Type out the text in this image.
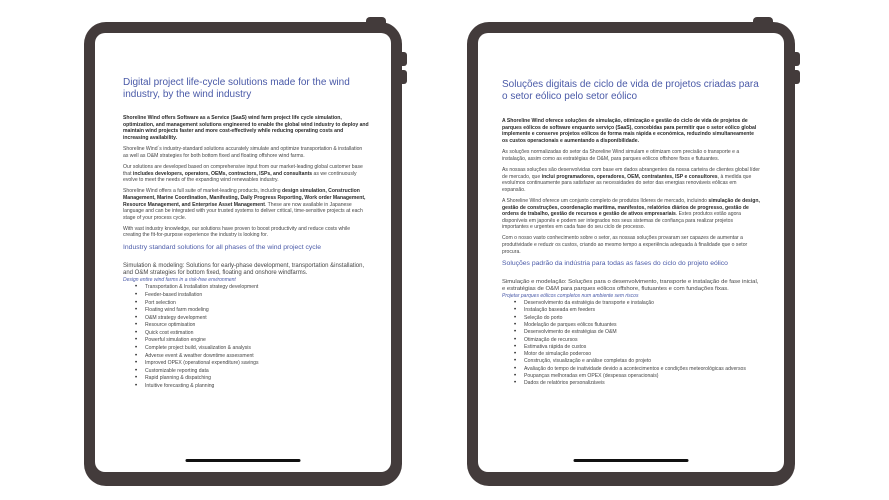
Digital project life-cycle solutions made for the wind industry, by the wind industry

Shoreline Wind offers Software as a Service (SaaS) wind farm project life cycle simulation, optimization, and management solutions engineered to enable the global wind industry to deploy and maintain wind projects faster and more cost-effectively while reducing operating costs and increasing availability.

Shoreline Wind´s industry-standard solutions accurately simulate and optimize transportation & installation as well as O&M strategies for both bottom fixed and floating offshore wind farms.

Our solutions are developed based on comprehensive input from our market-leading global customer base that includes developers, operators, OEMs, contractors, ISPs, and consultants as we continuously evolve to meet the needs of the expanding wind renewables industry.

Shoreline Wind offers a full suite of market-leading products, including design simulation, Construction Management, Marine Coordination, Manifesting, Daily Progress Reporting, Work order Management, Resource Management, and Enterprise Asset Management. These are now available in Japanese language and can be integrated with your trusted systems to deliver critical, time-sensitive projects at each stage of your process cycle.

With vast industry knowledge, our solutions have proven to boost productivity and reduce costs while creating the fit-for-purpose experience the industry is looking for.

Industry standard solutions for all phases of the wind project cycle
Simulation & modeling: Solutions for early-phase development, transportation &installation, and O&M strategies for bottom fixed, floating and onshore windfarms.
Design entire wind farms in a risk-free environment
• Transportation & Installation strategy development
• Feeder-based installation
• Port selection
• Floating wind farm modeling
• O&M strategy development
• Resource optimisation
• Quick cost estimation
• Powerful simulation engine
• Complete project build, visualization & analysis
• Adverse event & weather downtime assessment
• Improved OPEX (operational expenditure) savings
• Customizable reporting data
• Rapid planning & dispatching
• Intuitive forecasting & planning
Soluções digitais de ciclo de vida de projetos criadas para o setor eólico pelo setor eólico

A Shoreline Wind oferece soluções de simulação, otimização e gestão do ciclo de vida de projetos de parques eólicos de software enquanto serviço (SaaS), concebidas para permitir que o setor eólico global implemente e conserve projetos eólicos de forma mais rápida e económica, reduzindo simultaneamente os custos operacionais e aumentando a disponibilidade.

As soluções normalizadas do setor da Shoreline Wind simulam e otimizam com precisão o transporte e a instalação, assim como as estratégias de O&M, para parques eólicos offshore fixos e flutuantes.

As nossas soluções são desenvolvidas com base em dados abrangentes da nossa carteira de clientes global líder de mercado, que inclui programadores, operadores, OEM, contratantes, ISP e consultores, à medida que evoluímos continuamente para satisfazer as necessidades do setor das energias renováveis eólicas em expansão.

A Shoreline Wind oferece um conjunto completo de produtos líderes de mercado, incluindo simulação de design, gestão de construções, coordenação marítima, manifestos, relatórios diários de progresso, gestão de ordens de trabalho, gestão de recursos e gestão de ativos empresariais. Estes produtos estão agora disponíveis em japonês e podem ser integrados nos seus sistemas de confiança para realizar projetos importantes e urgentes em cada fase do seu ciclo de processo.

Com o nosso vasto conhecimento sobre o setor, as nossas soluções provaram ser capazes de aumentar a produtividade e reduzir os custos, criando ao mesmo tempo a experiência adequada à finalidade que o setor procura.

Soluções padrão da indústria para todas as fases do ciclo do projeto eólico
Simulação e modelação: Soluções para o desenvolvimento, transporte e instalação de fase inicial, e estratégias de O&M para parques eólicos offshore, flutuantes e com fundações fixas.
Projetar parques eólicos completos num ambiente sem riscos
• Desenvolvimento da estratégia de transporte e instalação
• Instalação baseada em feeders
• Seleção do porto
• Modelação de parques eólicos flutuantes
• Desenvolvimento de estratégias de O&M
• Otimização de recursos
• Estimativa rápida de custos
• Motor de simulação poderoso
• Construção, visualização e análise completas do projeto
• Avaliação do tempo de inatividade devido a acontecimentos e condições meteorológicas adversos
• Poupanças melhoradas em OPEX (despesas operacionais)
• Dados de relatórios personalizáveis
